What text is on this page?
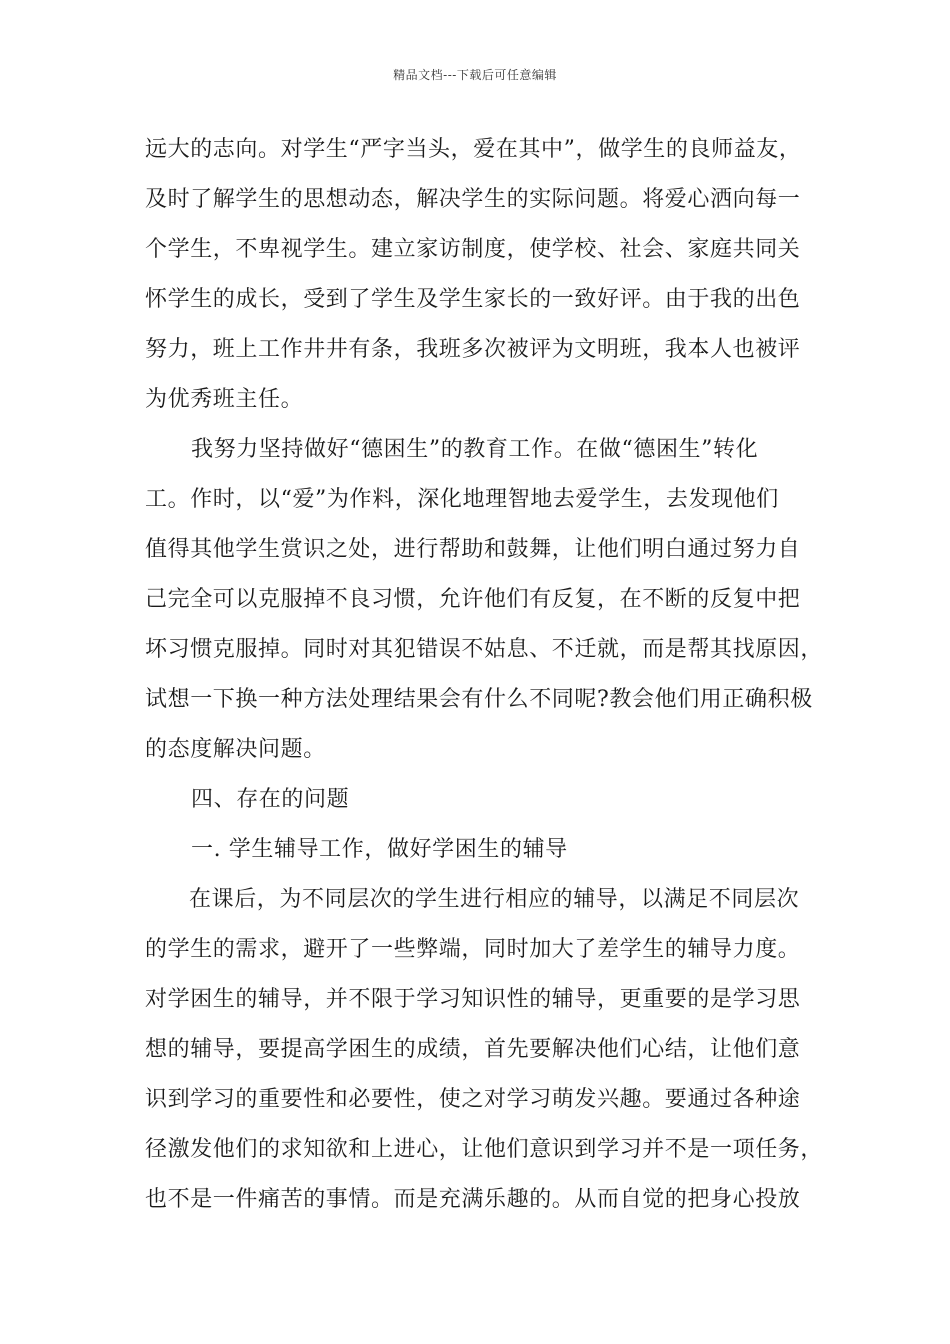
精品文档---下载后可任意编辑
远大的志向。对学生“严字当头，爱在其中”，做学生的良师益友，
及时了解学生的思想动态，解决学生的实际问题。将爱心洒向每一
个学生，不卑视学生。建立家访制度，使学校、社会、家庭共同关
怀学生的成长，受到了学生及学生家长的一致好评。由于我的出色
努力，班上工作井井有条，我班多次被评为文明班，我本人也被评
为优秀班主任。
我努力坚持做好“德困生”的教育工作。在做“德困生”转化
工。作时，以“爱”为作料，深化地理智地去爱学生，去发现他们
值得其他学生赏识之处，进行帮助和鼓舞，让他们明白通过努力自
己完全可以克服掉不良习惯，允许他们有反复，在不断的反复中把
坏习惯克服掉。同时对其犯错误不姑息、不迁就，而是帮其找原因，
试想一下换一种方法处理结果会有什么不同呢?教会他们用正确积极
的态度解决问题。
四、存在的问题
一. 学生辅导工作，做好学困生的辅导
在课后，为不同层次的学生进行相应的辅导，以满足不同层次
的学生的需求，避开了一些弊端，同时加大了差学生的辅导力度。
对学困生的辅导，并不限于学习知识性的辅导，更重要的是学习思
想的辅导，要提高学困生的成绩，首先要解决他们心结，让他们意
识到学习的重要性和必要性，使之对学习萌发兴趣。要通过各种途
径激发他们的求知欲和上进心，让他们意识到学习并不是一项任务，
也不是一件痛苦的事情。而是充满乐趣的。从而自觉的把身心投放
